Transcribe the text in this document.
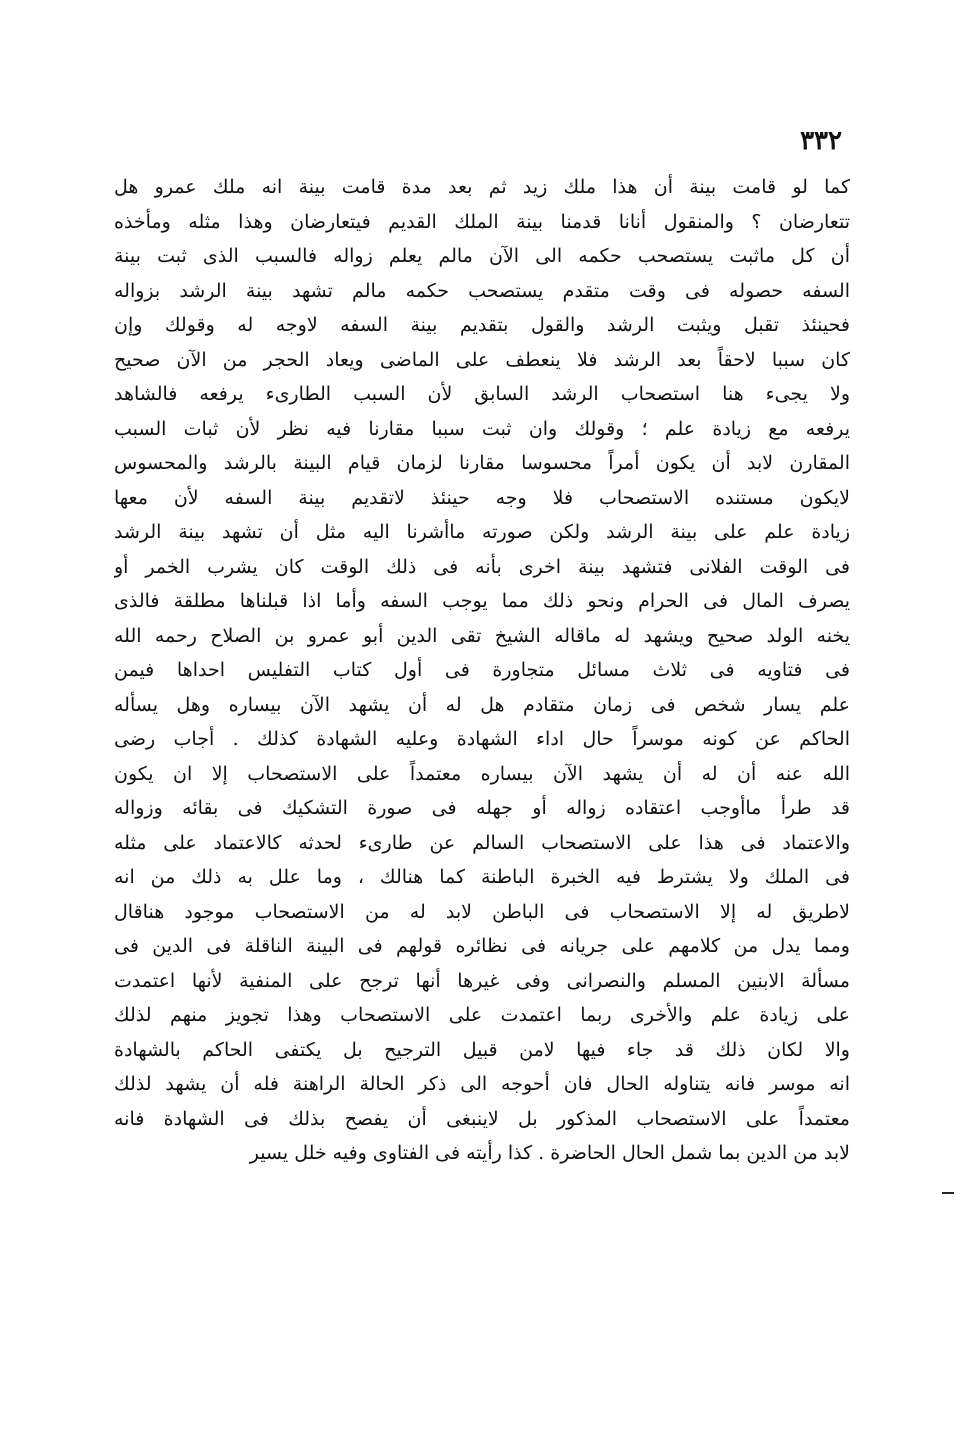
٣٣٢
كما لو قامت بينة أن هذا ملك زيد ثم بعد مدة قامت بينة انه ملك عمرو هل
تتعارضان ؟ والمنقول أنانا قدمنا بينة الملك القديم فيتعارضان وهذا مثله ومأخذه
أن كل ماثبت يستصحب حكمه الى الآن مالم يعلم زواله فالسبب الذى ثبت بينة
السفه حصوله فى وقت متقدم يستصحب حكمه مالم تشهد بينة الرشد بزواله
فحينئذ تقبل ويثبت الرشد والقول بتقديم بينة السفه لاوجه له وقولك وإن
كان سببا لاحقاً بعد الرشد فلا ينعطف على الماضى ويعاد الحجر من الآن صحيح
ولا يجىء هنا استصحاب الرشد السابق لأن السبب الطارىء يرفعه فالشاهد
يرفعه مع زيادة علم ؛ وقولك وان ثبت سببا مقارنا فيه نظر لأن ثبات السبب
المقارن لابد أن يكون أمراً محسوسا مقارنا لزمان قيام البينة بالرشد والمحسوس
لايكون مستنده الاستصحاب فلا وجه حينئذ لاتقديم بينة السفه لأن معها
زيادة علم على بينة الرشد ولكن صورته ماأشرنا اليه مثل أن تشهد بينة الرشد
فى الوقت الفلانى فتشهد بينة اخرى بأنه فى ذلك الوقت كان يشرب الخمر أو
يصرف المال فى الحرام ونحو ذلك مما يوجب السفه وأما اذا قبلناها مطلقة فالذى
يخنه الولد صحيح ويشهد له ماقاله الشيخ تقى الدين أبو عمرو بن الصلاح رحمه الله
فى فتاويه فى ثلاث مسائل متجاورة فى أول كتاب التفليس احداها فيمن
علم يسار شخص فى زمان متقادم هل له أن يشهد الآن بيساره وهل يسأله
الحاكم عن كونه موسراً حال اداء الشهادة وعليه الشهادة كذلك . أجاب رضى
الله عنه أن له أن يشهد الآن بيساره معتمداً على الاستصحاب إلا ان يكون
قد طرأ ماأوجب اعتقاده زواله أو جهله فى صورة التشكيك فى بقائه وزواله
والاعتماد فى هذا على الاستصحاب السالم عن طارىء لحدثه كالاعتماد على مثله
فى الملك ولا يشترط فيه الخبرة الباطنة كما هنالك ، وما علل به ذلك من انه
لاطريق له إلا الاستصحاب فى الباطن لابد له من الاستصحاب موجود هناقال
ومما يدل من كلامهم على جريانه فى نظائره قولهم فى البينة الناقلة فى الدين فى
مسألة الابنين المسلم والنصرانى وفى غيرها أنها ترجح على المنفية لأنها اعتمدت
على زيادة علم والأخرى ربما اعتمدت على الاستصحاب وهذا تجويز منهم لذلك
والا لكان ذلك قد جاء فيها لامن قبيل الترجيح بل يكتفى الحاكم بالشهادة
انه موسر فانه يتناوله الحال فان أحوجه الى ذكر الحالة الراهنة فله أن يشهد لذلك
معتمداً على الاستصحاب المذكور بل لاينبغى أن يفصح بذلك فى الشهادة فانه
لابد من الدين بما شمل الحال الحاضرة . كذا رأيته فى الفتاوى وفيه خلل يسير
